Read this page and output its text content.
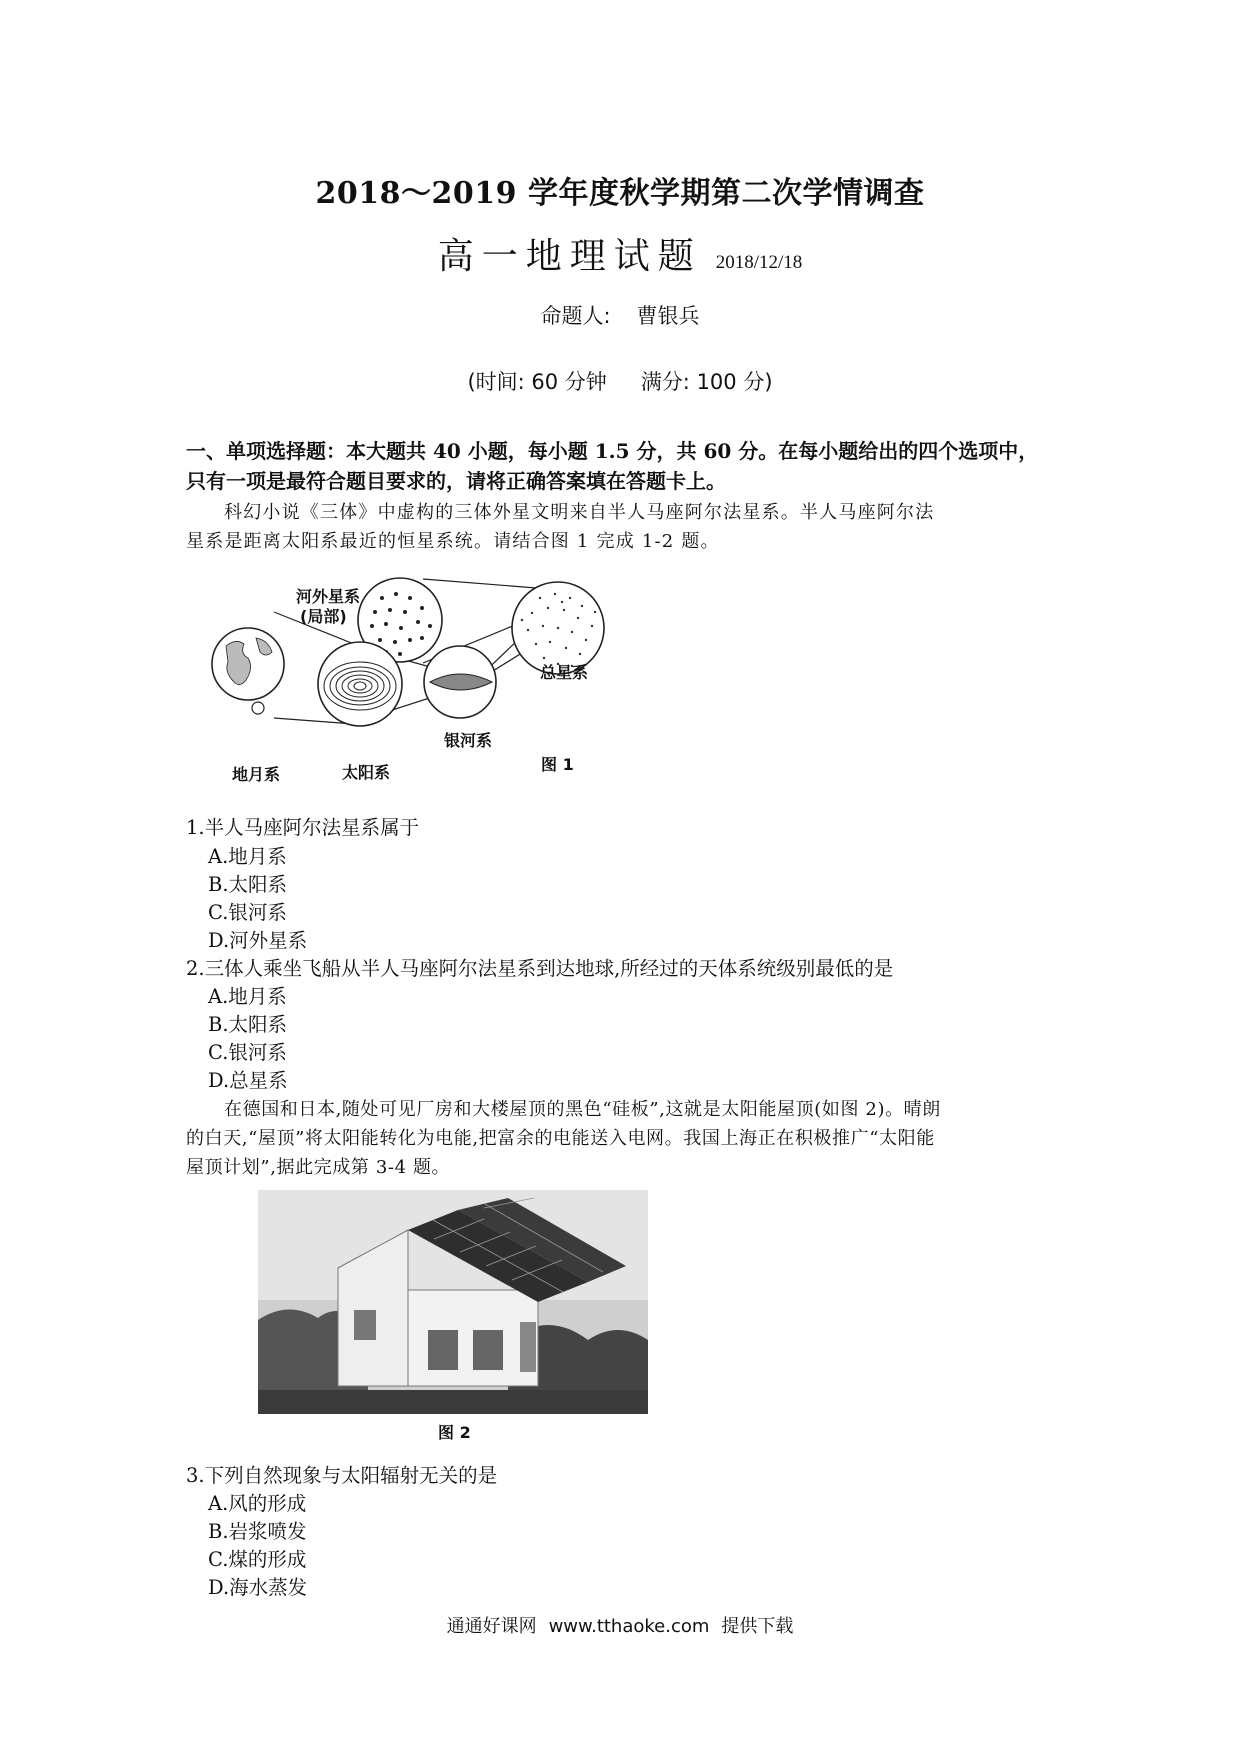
2018～2019 学年度秋学期第二次学情调查
高一地理试题 2018/12/18
命题人: 曹银兵
(时间: 60 分钟 满分: 100 分)
一、单项选择题：本大题共 40 小题，每小题 1.5 分，共 60 分。在每小题给出的四个选项中，
只有一项是最符合题目要求的，请将正确答案填在答题卡上。
科幻小说《三体》中虚构的三体外星文明来自半人马座阿尔法星系。半人马座阿尔法
星系是距离太阳系最近的恒星系统。请结合图 1 完成 1-2 题。
河外星系
(局部)
总星系
银河系
太阳系
地月系
图 1
1.半人马座阿尔法星系属于
A.地月系
B.太阳系
C.银河系
D.河外星系
2.三体人乘坐飞船从半人马座阿尔法星系到达地球,所经过的天体系统级别最低的是
A.地月系
B.太阳系
C.银河系
D.总星系
在德国和日本,随处可见厂房和大楼屋顶的黑色“硅板”,这就是太阳能屋顶(如图 2)。晴朗
的白天,“屋顶”将太阳能转化为电能,把富余的电能送入电网。我国上海正在积极推广“太阳能
屋顶计划”,据此完成第 3-4 题。
图 2
3.下列自然现象与太阳辐射无关的是
A.风的形成
B.岩浆喷发
C.煤的形成
D.海水蒸发
通通好课网 www.tthaoke.com 提供下载
